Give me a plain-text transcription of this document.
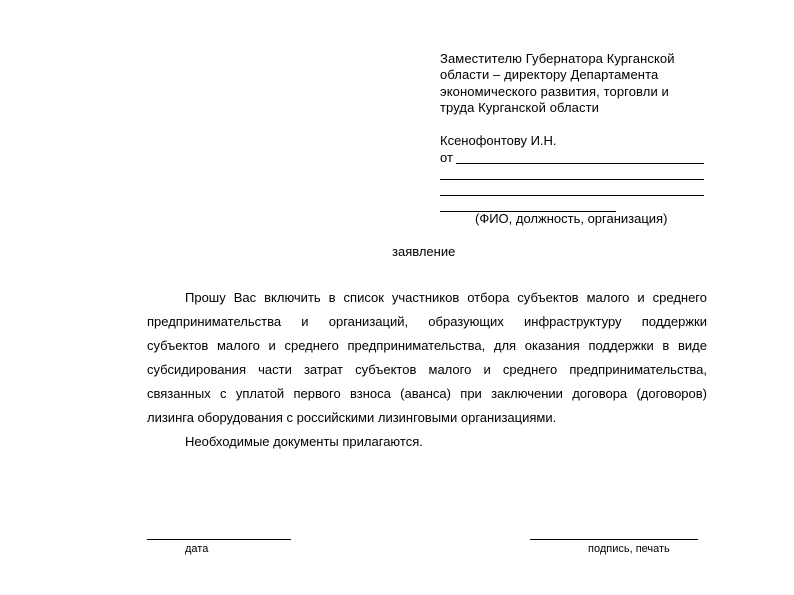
Заместителю Губернатора Курганской
области – директору Департамента
экономического развития, торговли и
труда Курганской области
Ксенофонтову И.Н.
от
(ФИО, должность, организация)
заявление
Прошу Вас включить в список участников отбора субъектов малого и среднего
предпринимательства и организаций, образующих инфраструктуру поддержки
субъектов малого и среднего предпринимательства, для оказания поддержки в виде
субсидирования части затрат субъектов малого и среднего предпринимательства,
связанных с уплатой первого взноса (аванса) при заключении договора (договоров)
лизинга оборудования с российскими лизинговыми организациями.
Необходимые документы прилагаются.
дата	подпись, печать
